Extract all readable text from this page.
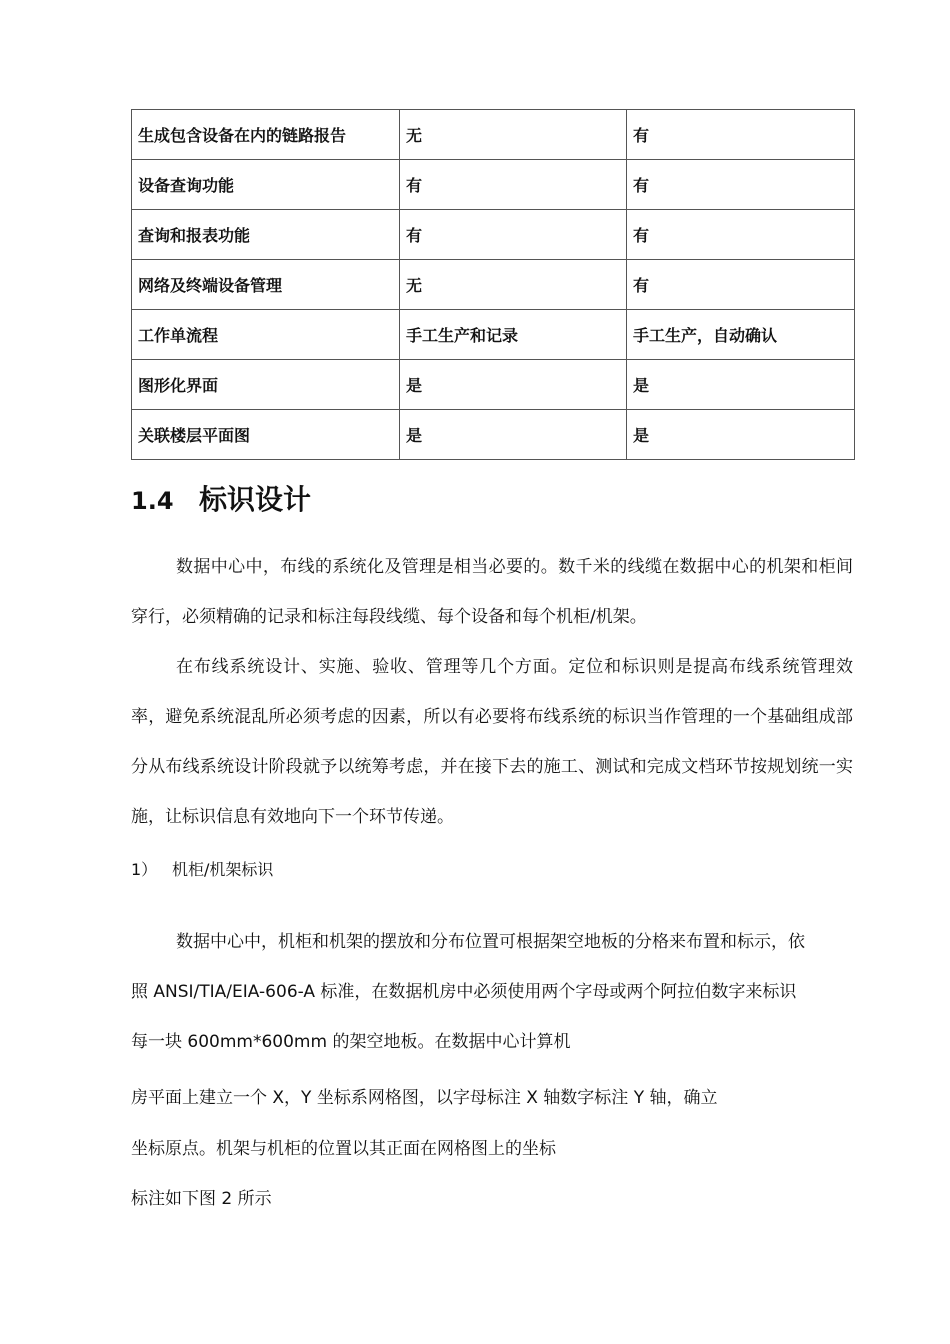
生成包含设备在内的链路报告	无	有
设备查询功能	有	有
查询和报表功能	有	有
网络及终端设备管理	无	有
工作单流程	手工生产和记录	手工生产，自动确认
图形化界面	是	是
关联楼层平面图	是	是
1.4 标识设计

数据中心中，布线的系统化及管理是相当必要的。数千米的线缆在数据中心的机架和柜间穿行，必须精确的记录和标注每段线缆、每个设备和每个机柜/机架。

在布线系统设计、实施、验收、管理等几个方面。定位和标识则是提高布线系统管理效率，避免系统混乱所必须考虑的因素，所以有必要将布线系统的标识当作管理的一个基础组成部分从布线系统设计阶段就予以统筹考虑，并在接下去的施工、测试和完成文档环节按规划统一实施，让标识信息有效地向下一个环节传递。

1） 机柜/机架标识

数据中心中，机柜和机架的摆放和分布位置可根据架空地板的分格来布置和标示，依
照 ANSI/TIA/EIA-606-A 标准，在数据机房中必须使用两个字母或两个阿拉伯数字来标识
每一块 600mm*600mm 的架空地板。在数据中心计算机

房平面上建立一个 X，Y 坐标系网格图，以字母标注 X 轴数字标注 Y 轴，确立
坐标原点。机架与机柜的位置以其正面在网格图上的坐标
标注如下图 2 所示
